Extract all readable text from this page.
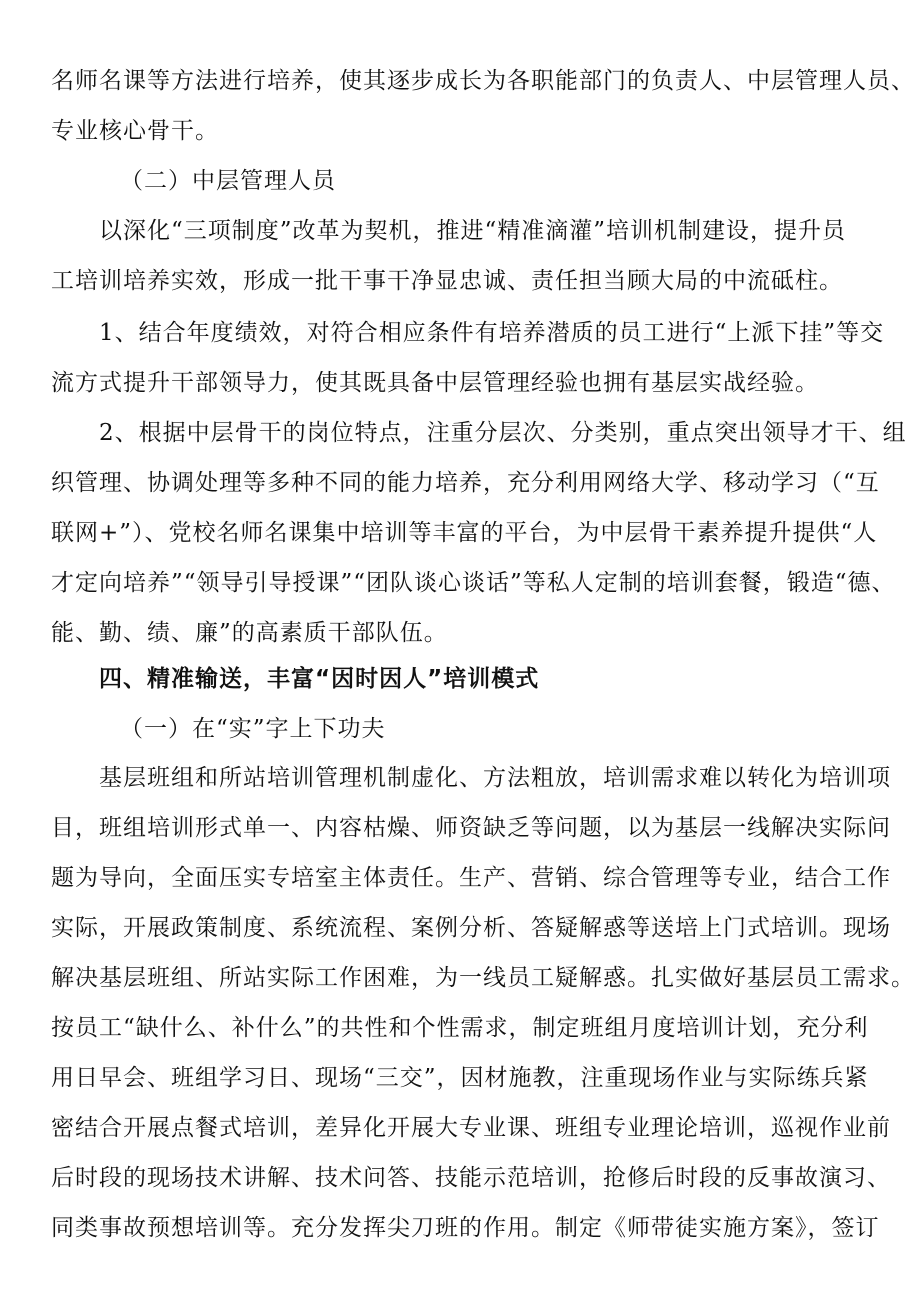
名师名课等方法进行培养，使其逐步成长为各职能部门的负责人、中层管理人员、
专业核心骨干。
（二）中层管理人员
以深化“三项制度”改革为契机，推进“精准滴灌”培训机制建设，提升员
工培训培养实效，形成一批干事干净显忠诚、责任担当顾大局的中流砥柱。
1、结合年度绩效，对符合相应条件有培养潜质的员工进行“上派下挂”等交
流方式提升干部领导力，使其既具备中层管理经验也拥有基层实战经验。
2、根据中层骨干的岗位特点，注重分层次、分类别，重点突出领导才干、组
织管理、协调处理等多种不同的能力培养，充分利用网络大学、移动学习（“互
联网+”）、党校名师名课集中培训等丰富的平台，为中层骨干素养提升提供“人
才定向培养”“领导引导授课”“团队谈心谈话”等私人定制的培训套餐，锻造“德、
能、勤、绩、廉”的高素质干部队伍。
四、精准输送，丰富“因时因人”培训模式
（一）在“实”字上下功夫
基层班组和所站培训管理机制虚化、方法粗放，培训需求难以转化为培训项
目，班组培训形式单一、内容枯燥、师资缺乏等问题，以为基层一线解决实际问
题为导向，全面压实专培室主体责任。生产、营销、综合管理等专业，结合工作
实际，开展政策制度、系统流程、案例分析、答疑解惑等送培上门式培训。现场
解决基层班组、所站实际工作困难，为一线员工疑解惑。扎实做好基层员工需求。
按员工“缺什么、补什么”的共性和个性需求，制定班组月度培训计划，充分利
用日早会、班组学习日、现场“三交”，因材施教，注重现场作业与实际练兵紧
密结合开展点餐式培训，差异化开展大专业课、班组专业理论培训，巡视作业前
后时段的现场技术讲解、技术问答、技能示范培训，抢修后时段的反事故演习、
同类事故预想培训等。充分发挥尖刀班的作用。制定《师带徒实施方案》，签订
